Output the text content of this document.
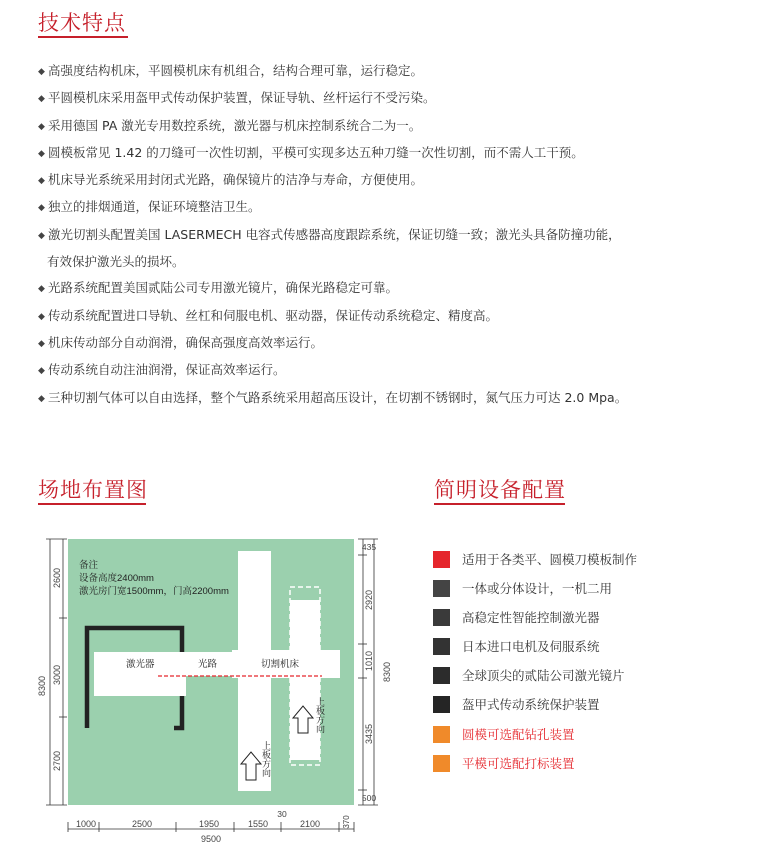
技术特点
场地布置图	简明设备配置
◆ 高强度结构机床，平圆模机床有机组合，结构合理可靠，运行稳定。
◆ 平圆模机床采用盔甲式传动保护装置，保证导轨、丝杆运行不受污染。
◆ 采用德国 PA 激光专用数控系统，激光器与机床控制系统合二为一。
◆ 圆模板常见 1.42 的刀缝可一次性切割，平模可实现多达五种刀缝一次性切割，而不需人工干预。
◆ 机床导光系统采用封闭式光路，确保镜片的洁净与寿命，方便使用。
◆ 独立的排烟通道，保证环境整洁卫生。
◆ 激光切割头配置美国 LASERMECH 电容式传感器高度跟踪系统，保证切缝一致；激光头具备防撞功能，
有效保护激光头的损坏。
◆ 光路系统配置美国贰陆公司专用激光镜片，确保光路稳定可靠。
◆ 传动系统配置进口导轨、丝杠和伺服电机、驱动器，保证传动系统稳定、精度高。
◆ 机床传动部分自动润滑，确保高强度高效率运行。
◆ 传动系统自动注油润滑，保证高效率运行。
◆ 三种切割气体可以自由选择，整个气路系统采用超高压设计，在切割不锈钢时，氮气压力可达 2.0 Mpa。
备注
设备高度2400mm
激光房门宽1500mm，门高2200mm
激光器	光路	切割机床
上板方向
上板方向
8300
2600
3000
2700
8300
435
2920
1010
3435
500
30
1000	2500	1950	1550	2100	370
9500
适用于各类平、圆模刀模板制作
一体或分体设计，一机二用
高稳定性智能控制激光器
日本进口电机及伺服系统
全球顶尖的贰陆公司激光镜片
盔甲式传动系统保护装置
圆模可选配钻孔装置
平模可选配打标装置
